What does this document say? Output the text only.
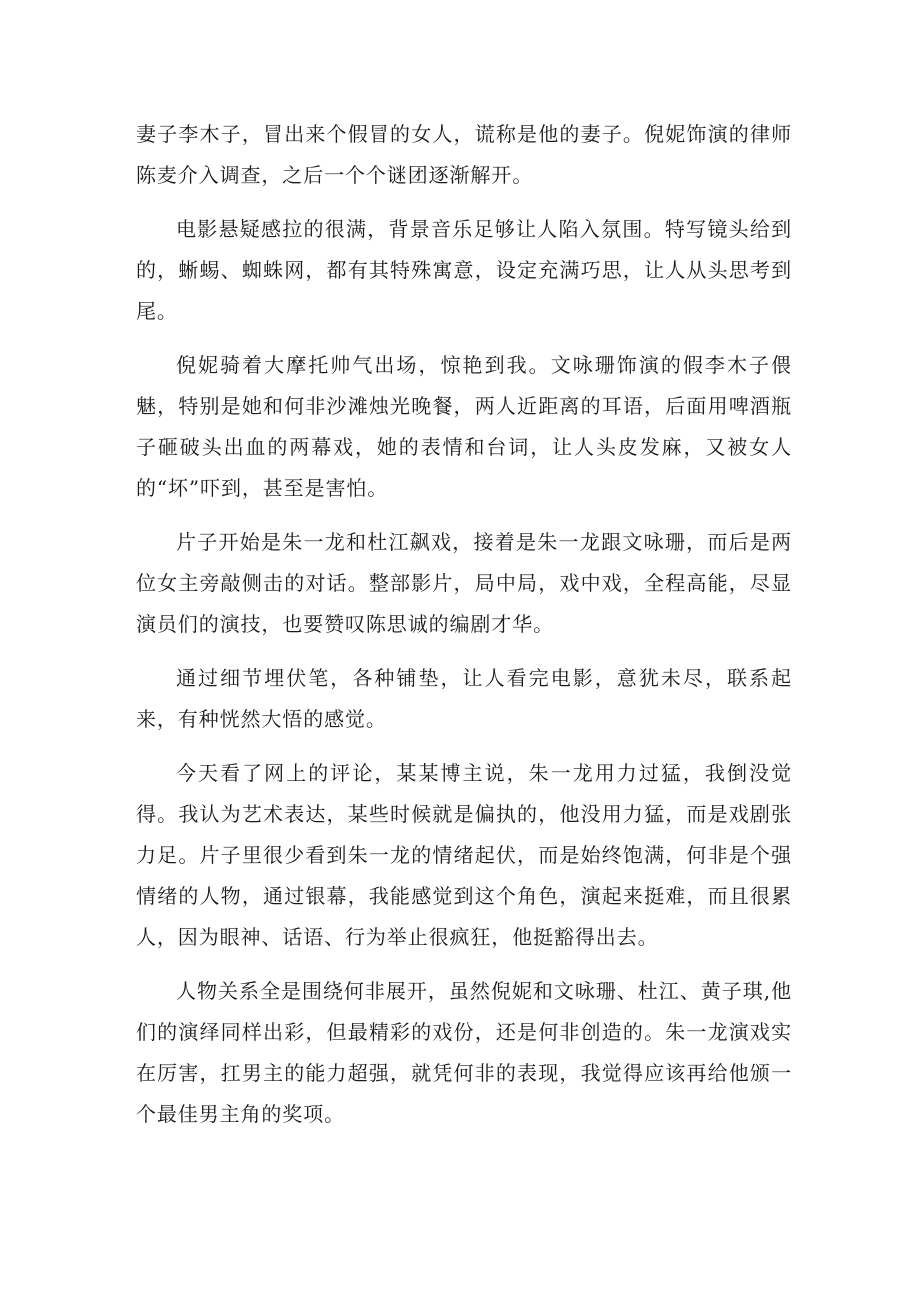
妻子李木子，冒出来个假冒的女人，谎称是他的妻子。倪妮饰演的律师陈麦介入调查，之后一个个谜团逐渐解开。

电影悬疑感拉的很满，背景音乐足够让人陷入氛围。特写镜头给到的，蜥蜴、蜘蛛网，都有其特殊寓意，设定充满巧思，让人从头思考到尾。

倪妮骑着大摩托帅气出场，惊艳到我。文咏珊饰演的假李木子偎魅，特别是她和何非沙滩烛光晚餐，两人近距离的耳语，后面用啤酒瓶子砸破头出血的两幕戏，她的表情和台词，让人头皮发麻，又被女人的“坏”吓到，甚至是害怕。

片子开始是朱一龙和杜江飙戏，接着是朱一龙跟文咏珊，而后是两位女主旁敲侧击的对话。整部影片，局中局，戏中戏，全程高能，尽显演员们的演技，也要赞叹陈思诚的编剧才华。

通过细节埋伏笔，各种铺垫，让人看完电影，意犹未尽，联系起来，有种恍然大悟的感觉。

今天看了网上的评论，某某博主说，朱一龙用力过猛，我倒没觉得。我认为艺术表达，某些时候就是偏执的，他没用力猛，而是戏剧张力足。片子里很少看到朱一龙的情绪起伏，而是始终饱满，何非是个强情绪的人物，通过银幕，我能感觉到这个角色，演起来挺难，而且很累人，因为眼神、话语、行为举止很疯狂，他挺豁得出去。

人物关系全是围绕何非展开，虽然倪妮和文咏珊、杜江、黄子琪,他们的演绎同样出彩，但最精彩的戏份，还是何非创造的。朱一龙演戏实在厉害，扛男主的能力超强，就凭何非的表现，我觉得应该再给他颁一个最佳男主角的奖项。
